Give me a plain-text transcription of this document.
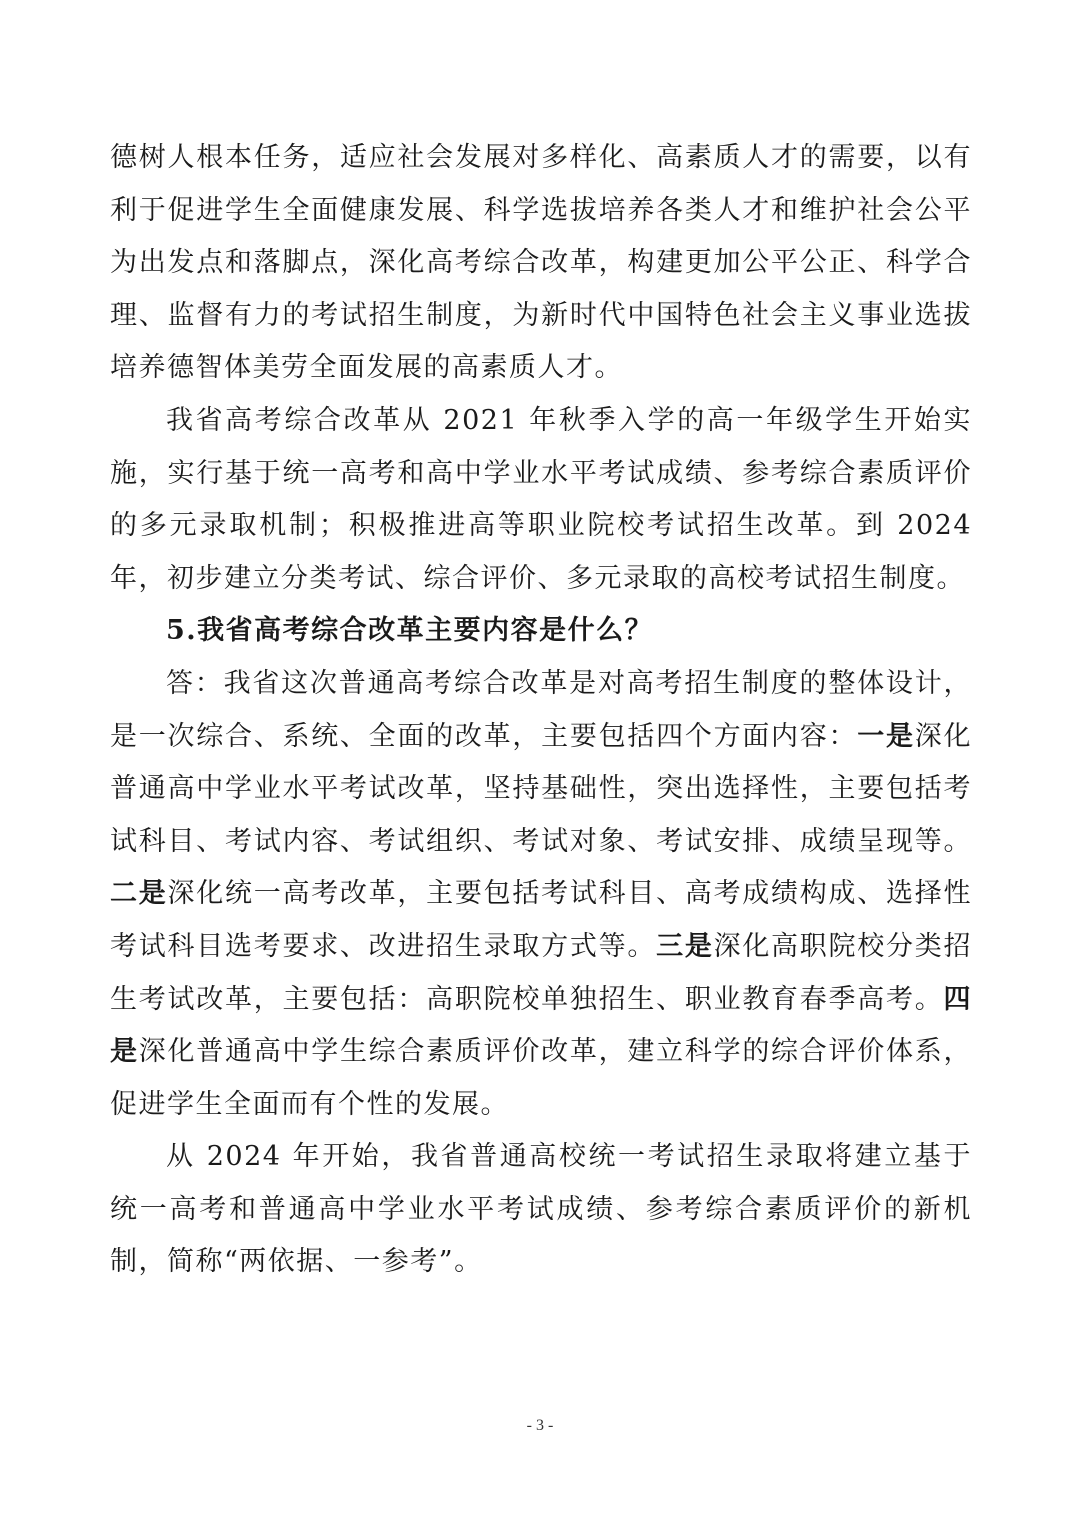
德树人根本任务，适应社会发展对多样化、高素质人才的需要，以有利于促进学生全面健康发展、科学选拔培养各类人才和维护社会公平为出发点和落脚点，深化高考综合改革，构建更加公平公正、科学合理、监督有力的考试招生制度，为新时代中国特色社会主义事业选拔培养德智体美劳全面发展的高素质人才。

我省高考综合改革从 2021 年秋季入学的高一年级学生开始实施，实行基于统一高考和高中学业水平考试成绩、参考综合素质评价的多元录取机制；积极推进高等职业院校考试招生改革。到 2024 年，初步建立分类考试、综合评价、多元录取的高校考试招生制度。

5.我省高考综合改革主要内容是什么？

答：我省这次普通高考综合改革是对高考招生制度的整体设计，是一次综合、系统、全面的改革，主要包括四个方面内容：一是深化普通高中学业水平考试改革，坚持基础性，突出选择性，主要包括考试科目、考试内容、考试组织、考试对象、考试安排、成绩呈现等。二是深化统一高考改革，主要包括考试科目、高考成绩构成、选择性考试科目选考要求、改进招生录取方式等。三是深化高职院校分类招生考试改革，主要包括：高职院校单独招生、职业教育春季高考。四是深化普通高中学生综合素质评价改革，建立科学的综合评价体系，促进学生全面而有个性的发展。

从 2024 年开始，我省普通高校统一考试招生录取将建立基于统一高考和普通高中学业水平考试成绩、参考综合素质评价的新机制，简称“两依据、一参考”。

- 3 -
